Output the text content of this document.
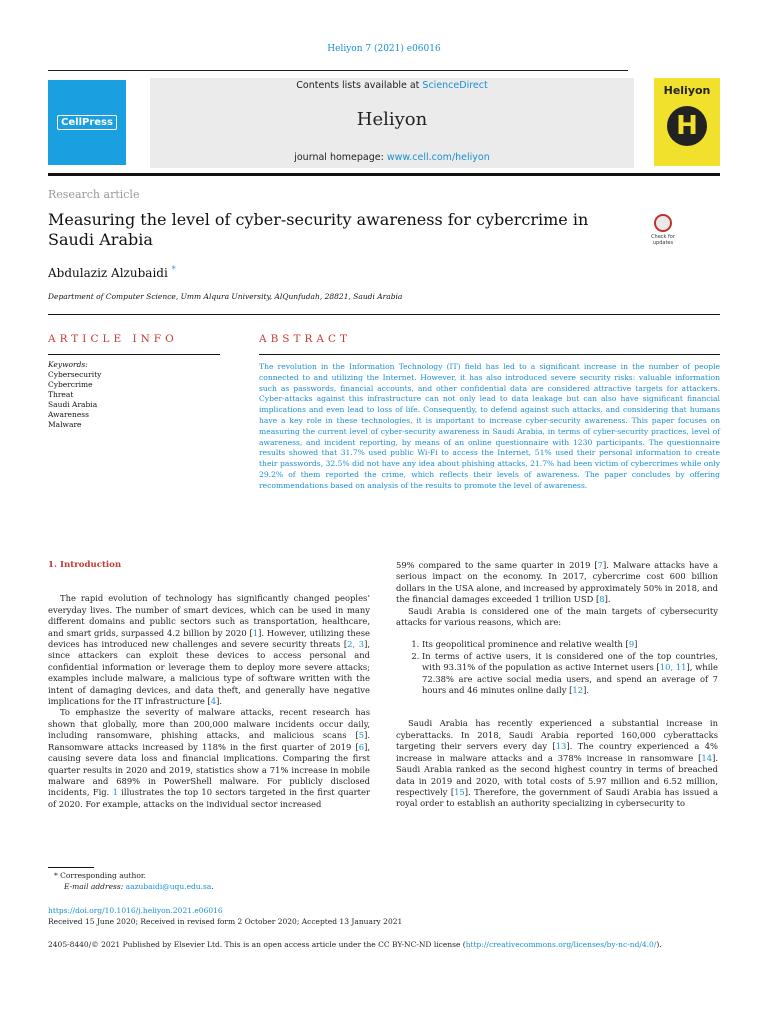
Heliyon 7 (2021) e06016
CellPress
Contents lists available at ScienceDirect
Heliyon
journal homepage: www.cell.com/heliyon
Heliyon
H
Research article
Measuring the level of cyber-security awareness for cybercrime in Saudi Arabia	Check for updates
Abdulaziz Alzubaidi *
Department of Computer Science, Umm Alqura University, AlQunfudah, 28821, Saudi Arabia
ARTICLE INFO	ABSTRACT
Keywords:
Cybersecurity
Cybercrime
Threat
Saudi Arabia
Awareness
Malware
The revolution in the Information Technology (IT) field has led to a significant increase in the number of people connected to and utilizing the Internet. However, it has also introduced severe security risks: valuable information such as passwords, financial accounts, and other confidential data are considered attractive targets for attackers. Cyber-attacks against this infrastructure can not only lead to data leakage but can also have significant financial implications and even lead to loss of life. Consequently, to defend against such attacks, and considering that humans have a key role in these technologies, it is important to increase cyber-security awareness. This paper focuses on measuring the current level of cyber-security awareness in Saudi Arabia, in terms of cyber-security practices, level of awareness, and incident reporting, by means of an online questionnaire with 1230 participants. The questionnaire results showed that 31.7% used public Wi-Fi to access the Internet, 51% used their personal information to create their passwords, 32.5% did not have any idea about phishing attacks, 21.7% had been victim of cybercrimes while only 29.2% of them reported the crime, which reflects their levels of awareness. The paper concludes by offering recommendations based on analysis of the results to promote the level of awareness.
1. Introduction

The rapid evolution of technology has significantly changed peoples’ everyday lives. The number of smart devices, which can be used in many different domains and public sectors such as transportation, healthcare, and smart grids, surpassed 4.2 billion by 2020 [1]. However, utilizing these devices has introduced new challenges and severe security threats [2, 3], since attackers can exploit these devices to access personal and confidential information or leverage them to deploy more severe attacks; examples include malware, a malicious type of software written with the intent of damaging devices, and data theft, and generally have negative implications for the IT infrastructure [4].

To emphasize the severity of malware attacks, recent research has shown that globally, more than 200,000 malware incidents occur daily, including ransomware, phishing attacks, and malicious scans [5]. Ransomware attacks increased by 118% in the first quarter of 2019 [6], causing severe data loss and financial implications. Comparing the first quarter results in 2020 and 2019, statistics show a 71% increase in mobile malware and 689% in PowerShell malware. For publicly disclosed incidents, Fig. 1 illustrates the top 10 sectors targeted in the first quarter of 2020. For example, attacks on the individual sector increased

59% compared to the same quarter in 2019 [7]. Malware attacks have a serious impact on the economy. In 2017, cybercrime cost 600 billion dollars in the USA alone, and increased by approximately 50% in 2018, and the financial damages exceeded 1 trillion USD [8].

Saudi Arabia is considered one of the main targets of cybersecurity attacks for various reasons, which are:

1. Its geopolitical prominence and relative wealth [9]
2. In terms of active users, it is considered one of the top countries, with 93.31% of the population as active Internet users [10, 11], while 72.38% are active social media users, and spend an average of 7 hours and 46 minutes online daily [12].

Saudi Arabia has recently experienced a substantial increase in cyberattacks. In 2018, Saudi Arabia reported 160,000 cyberattacks targeting their servers every day [13]. The country experienced a 4% increase in malware attacks and a 378% increase in ransomware [14]. Saudi Arabia ranked as the second highest country in terms of breached data in 2019 and 2020, with total costs of 5.97 million and 6.52 million, respectively [15]. Therefore, the government of Saudi Arabia has issued a royal order to establish an authority specializing in cybersecurity to

* Corresponding author.
E-mail address: aazubaidi@uqu.edu.sa.
https://doi.org/10.1016/j.heliyon.2021.e06016
Received 15 June 2020; Received in revised form 2 October 2020; Accepted 13 January 2021
2405-8440/© 2021 Published by Elsevier Ltd. This is an open access article under the CC BY-NC-ND license (http://creativecommons.org/licenses/by-nc-nd/4.0/).
